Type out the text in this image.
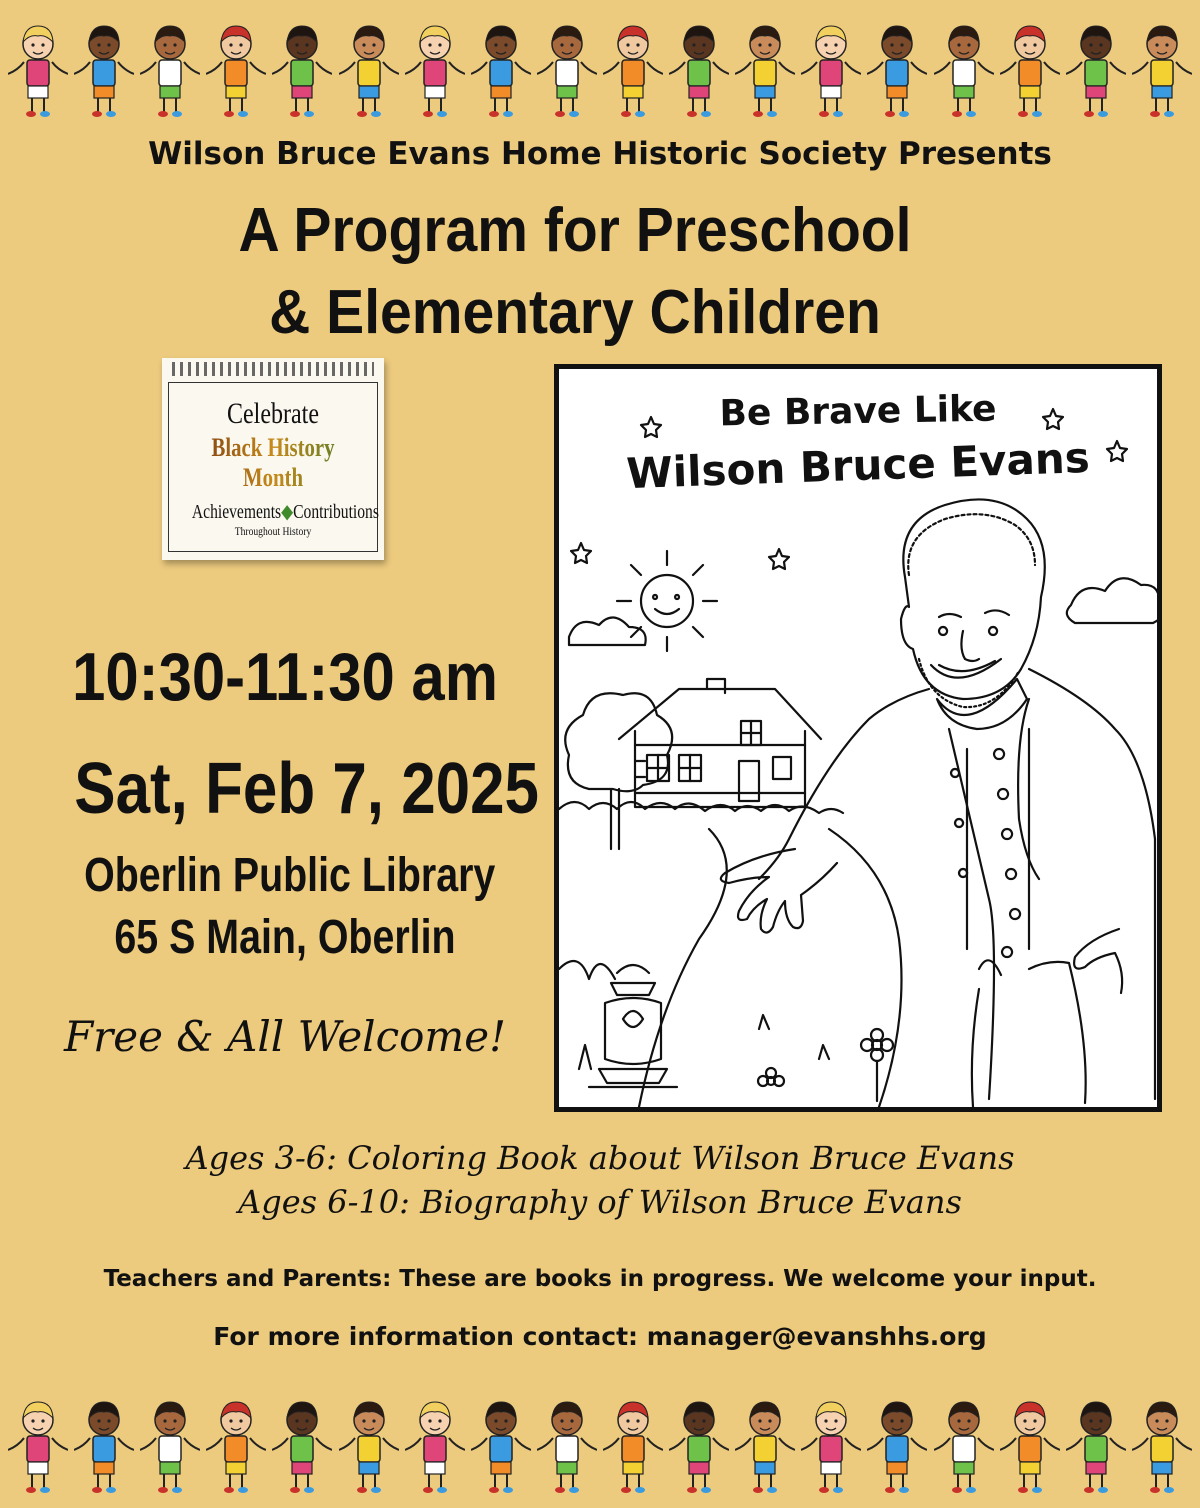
Wilson Bruce Evans Home Historic Society Presents
A Program for Preschool
& Elementary Children
Celebrate
Black History Month
Achievements◆Contributions
Throughout History
10:30-11:30 am
Sat, Feb 7, 2025
Oberlin Public Library
65 S Main, Oberlin
Free & All Welcome!
Be Brave Like
Wilson Bruce Evans
Ages 3-6: Coloring Book about Wilson Bruce Evans
Ages 6-10: Biography of Wilson Bruce Evans
Teachers and Parents: These are books in progress. We welcome your input.
For more information contact: manager@evanshhs.org
